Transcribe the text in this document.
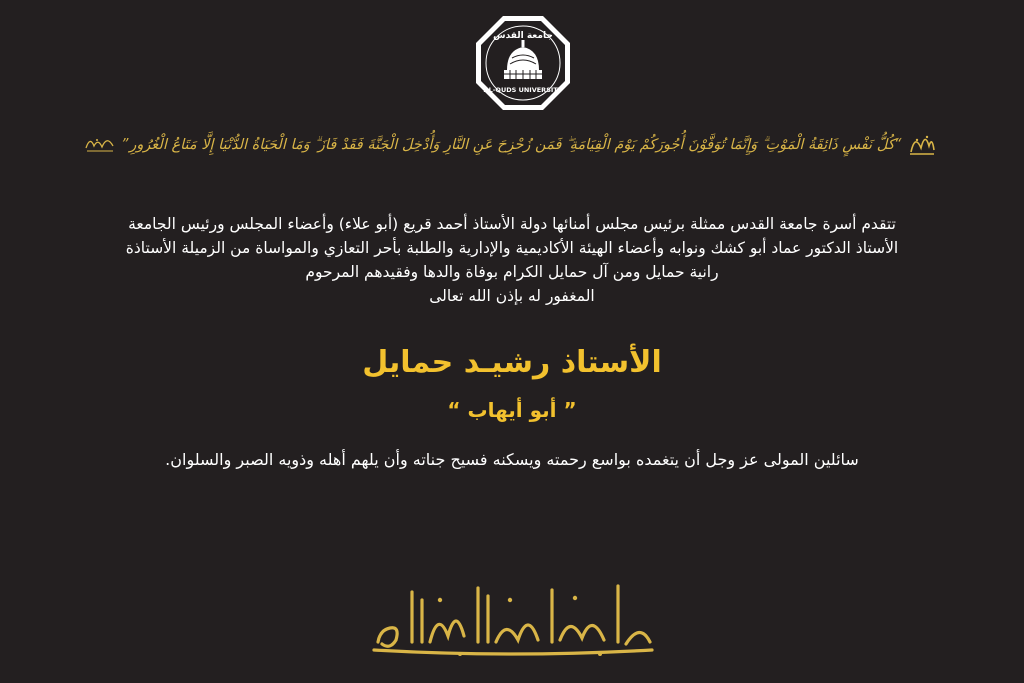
جامعة القدس
AL-QUDS UNIVERSITY
“كُلُّ نَفْسٍ ذَائِقَةُ الْمَوْتِ ۗ وَإِنَّمَا تُوَفَّوْنَ أُجُورَكُمْ يَوْمَ الْقِيَامَةِ ۖ فَمَن زُحْزِحَ عَنِ النَّارِ وَأُدْخِلَ الْجَنَّةَ فَقَدْ فَازَ ۗ وَمَا الْحَيَاةُ الدُّنْيَا إِلَّا مَتَاعُ الْغُرُورِ”
تتقدم أسرة جامعة القدس ممثلة برئيس مجلس أمنائها دولة الأستاذ أحمد قريع (أبو علاء) وأعضاء المجلس ورئيس الجامعة
الأستاذ الدكتور عماد أبو كشك ونوابه وأعضاء الهيئة الأكاديمية والإدارية والطلبة بأحر التعازي والمواساة من الزميلة الأستاذة
رانية حمايل ومن آل حمايل الكرام بوفاة والدها وفقيدهم المرحوم
المغفور له بإذن الله تعالى
الأستاذ رشيـد حمايل
” أبو أيهاب “
سائلين المولى عز وجل أن يتغمده بواسع رحمته ويسكنه فسيح جناته وأن يلهم أهله وذويه الصبر والسلوان.
